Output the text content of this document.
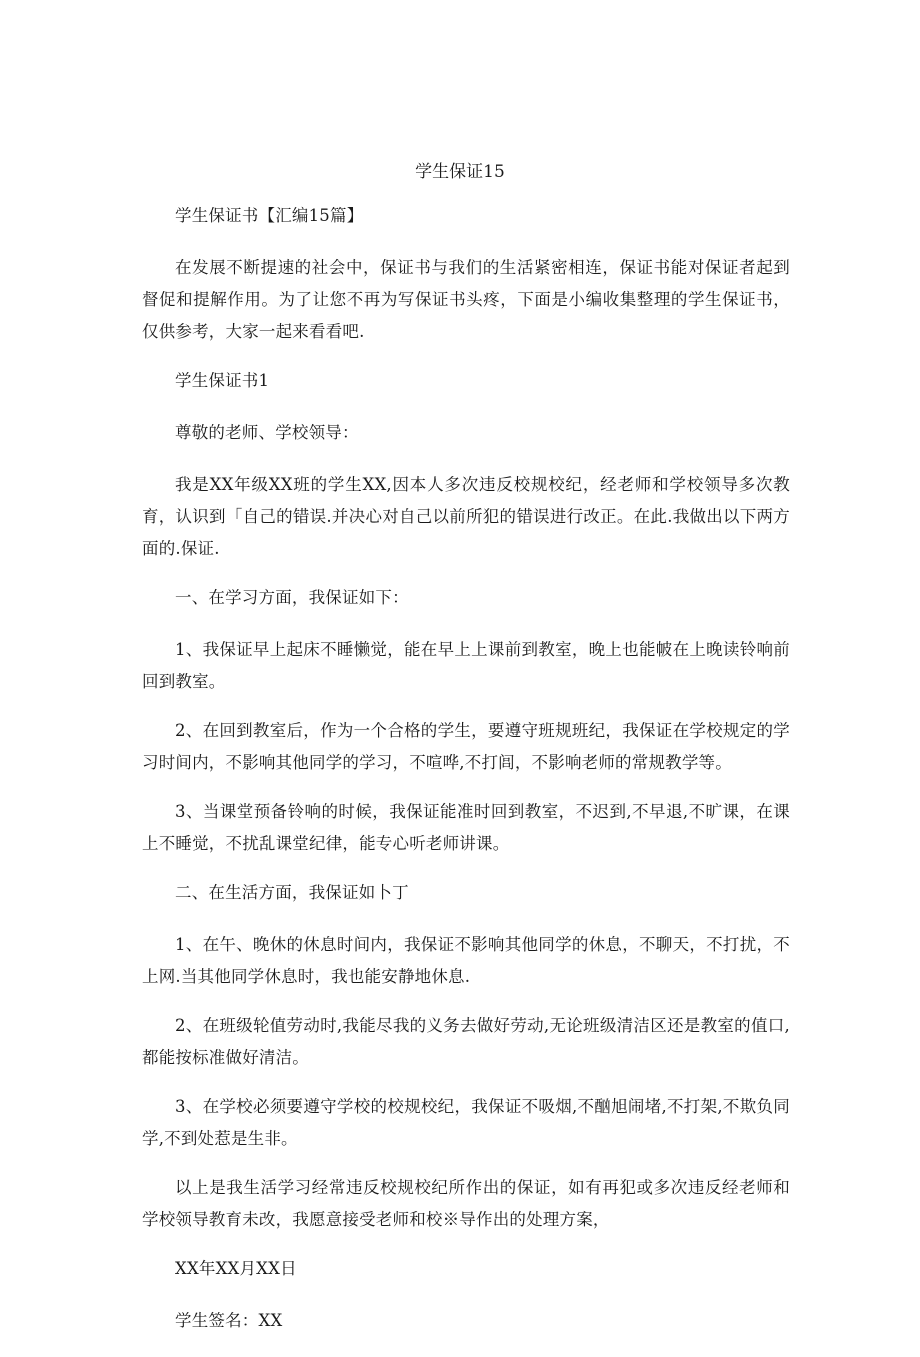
学生保证15

学生保证书【汇编15篇】

在发展不断提速的社会中，保证书与我们的生活紧密相连，保证书能对保证者起到督促和提解作用。为了让您不再为写保证书头疼，下面是小编收集整理的学生保证书，仅供参考，大家一起来看看吧.

学生保证书1

尊敬的老师、学校领导：

我是XX年级XX班的学生XX,因本人多次违反校规校纪，经老师和学校领导多次教育，认识到「自己的错误.并决心对自己以前所犯的错误进行改正。在此.我做出以下两方面的.保证.

一、在学习方面，我保证如下：

1、我保证早上起床不睡懒觉，能在早上上课前到教室，晚上也能帔在上晚读铃响前回到教室。

2、在回到教室后，作为一个合格的学生，要遵守班规班纪，我保证在学校规定的学习时间内，不影响其他同学的学习，不喧哗,不打闾，不影响老师的常规教学等。

3、当课堂预备铃响的时候，我保证能准时回到教室，不迟到,不早退,不旷课，在课上不睡觉，不扰乱课堂纪律，能专心听老师讲课。

二、在生活方面，我保证如卜丁

1、在午、晚休的休息时间内，我保证不影响其他同学的休息，不聊天，不打扰，不上网.当其他同学休息时，我也能安静地休息.

2、在班级轮值劳动时,我能尽我的义务去做好劳动,无论班级清洁区还是教室的值口,都能按标准做好清洁。

3、在学校必须要遵守学校的校规校纪，我保证不吸烟,不酗旭闹堵,不打架,不欺负同学,不到处惹是生非。

以上是我生活学习经常违反校规校纪所作出的保证，如有再犯或多次违反经老师和学校领导教育未改，我愿意接受老师和校※导作出的处理方案，

XX年XX月XX日

学生签名：XX
